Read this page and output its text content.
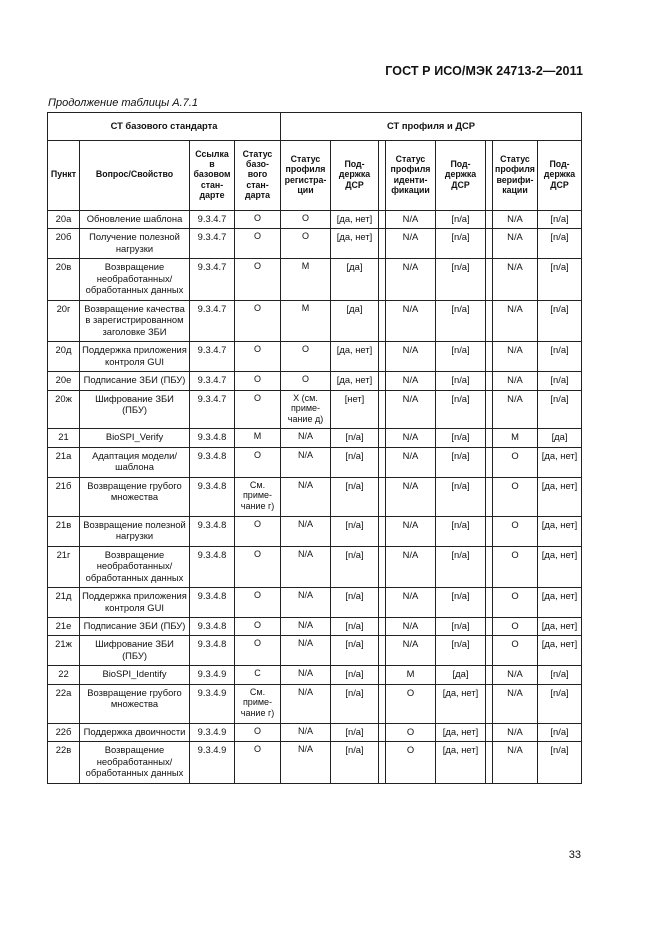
ГОСТ Р ИСО/МЭК 24713-2—2011
Продолжение таблицы А.7.1
СТ базового стандарта				СТ профиля и ДСР							
Пункт	Вопрос/Свойство	Ссылка в базовом стан-дарте	Статус базо-вого стан-дарта	Статус профиля регистра-ции	Под-держка ДСР		Статус профиля иденти-фикации	Под-держка ДСР		Статус профиля верифи-кации	Под-держка ДСР
20а	Обновление шаблона	9.3.4.7	O	O	[да, нет]		N/A	[n/a]		N/A	[n/a]
20б	Получение полезной нагрузки	9.3.4.7	O	O	[да, нет]		N/A	[n/a]		N/A	[n/a]
20в	Возвращение необработанных/обработанных данных	9.3.4.7	O	M	[да]		N/A	[n/a]		N/A	[n/a]
20г	Возвращение качества в зарегистрированном заголовке ЗБИ	9.3.4.7	O	M	[да]		N/A	[n/a]		N/A	[n/a]
20д	Поддержка приложения контроля GUI	9.3.4.7	O	O	[да, нет]		N/A	[n/a]		N/A	[n/a]
20е	Подписание ЗБИ (ПБУ)	9.3.4.7	O	O	[да, нет]		N/A	[n/a]		N/A	[n/a]
20ж	Шифрование ЗБИ (ПБУ)	9.3.4.7	O	X (см. приме-чание д)	[нет]		N/A	[n/a]		N/A	[n/a]
21	BioSPI_Verify	9.3.4.8	M	N/A	[n/a]		N/A	[n/a]		M	[да]
21а	Адаптация модели/шаблона	9.3.4.8	O	N/A	[n/a]		N/A	[n/a]		O	[да, нет]
21б	Возвращение грубого множества	9.3.4.8	См. приме-чание г)	N/A	[n/a]		N/A	[n/a]		O	[да, нет]
21в	Возвращение полезной нагрузки	9.3.4.8	O	N/A	[n/a]		N/A	[n/a]		O	[да, нет]
21г	Возвращение необработанных/ обработанных данных	9.3.4.8	O	N/A	[n/a]		N/A	[n/a]		O	[да, нет]
21д	Поддержка приложения контроля GUI	9.3.4.8	O	N/A	[n/a]		N/A	[n/a]		O	[да, нет]
21е	Подписание ЗБИ (ПБУ)	9.3.4.8	O	N/A	[n/a]		N/A	[n/a]		O	[да, нет]
21ж	Шифрование ЗБИ (ПБУ)	9.3.4.8	O	N/A	[n/a]		N/A	[n/a]		O	[да, нет]
22	BioSPI_Identify	9.3.4.9	C	N/A	[n/a]		M	[да]		N/A	[n/a]
22а	Возвращение грубого множества	9.3.4.9	См. приме-чание г)	N/A	[n/a]		O	[да, нет]		N/A	[n/a]
22б	Поддержка двоичности	9.3.4.9	O	N/A	[n/a]		O	[да, нет]		N/A	[n/a]
22в	Возвращение необработанных/ обработанных данных	9.3.4.9	O	N/A	[n/a]		O	[да, нет]		N/A	[n/a]
33
